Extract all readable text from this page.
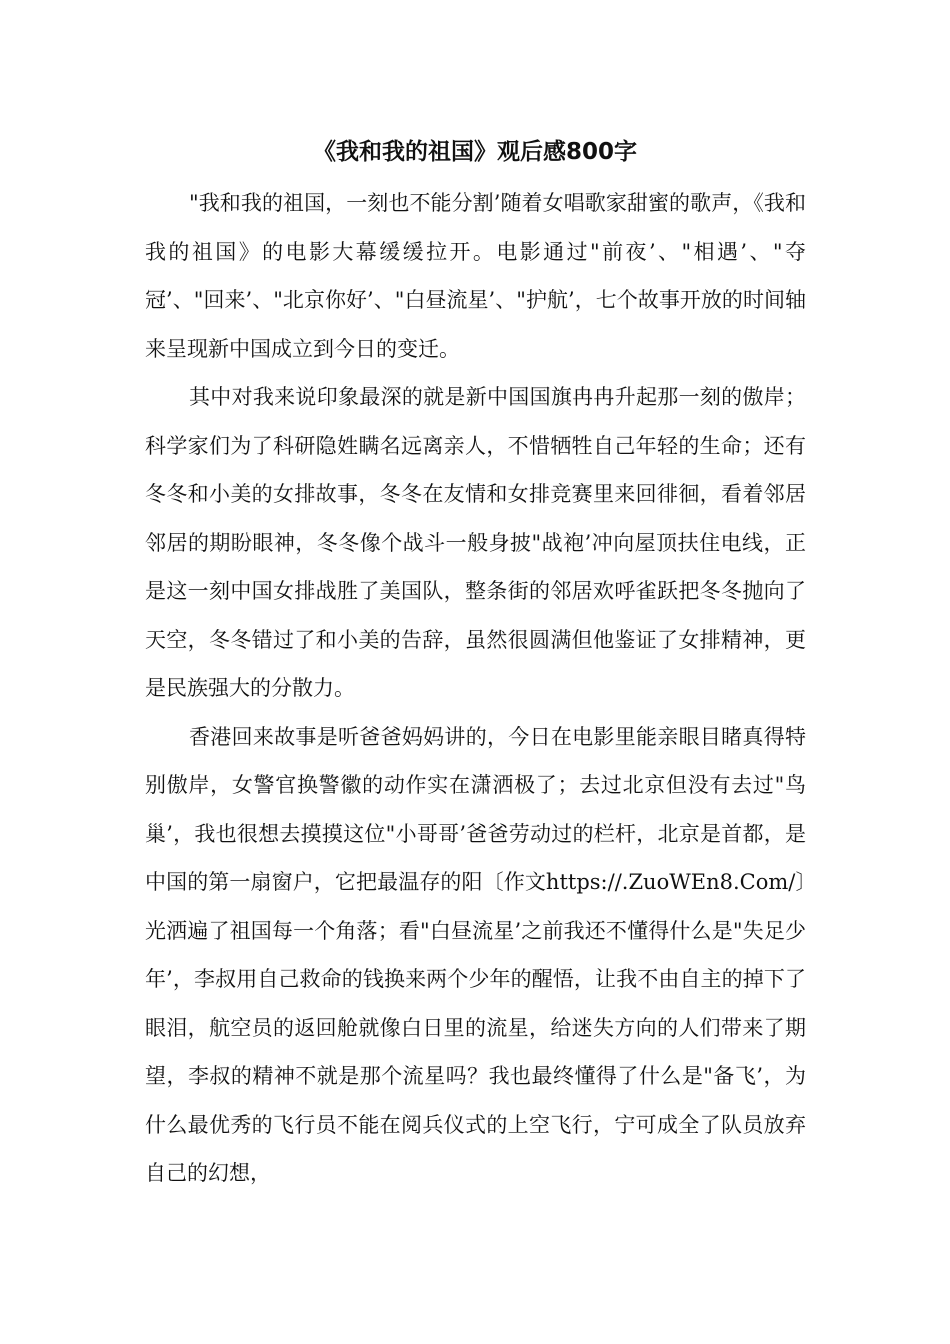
《我和我的祖国》观后感800字

"我和我的祖国，一刻也不能分割’随着女唱歌家甜蜜的歌声，《我和我的祖国》的电影大幕缓缓拉开。电影通过"前夜’、"相遇’、"夺冠’、"回来’、"北京你好’、"白昼流星’、"护航’，七个故事开放的时间轴来呈现新中国成立到今日的变迁。

其中对我来说印象最深的就是新中国国旗冉冉升起那一刻的傲岸；科学家们为了科研隐姓瞒名远离亲人，不惜牺牲自己年轻的生命；还有冬冬和小美的女排故事，冬冬在友情和女排竞赛里来回徘徊，看着邻居邻居的期盼眼神，冬冬像个战斗一般身披"战袍’冲向屋顶扶住电线，正是这一刻中国女排战胜了美国队，整条街的邻居欢呼雀跃把冬冬抛向了天空，冬冬错过了和小美的告辞，虽然很圆满但他鉴证了女排精神，更是民族强大的分散力。

香港回来故事是听爸爸妈妈讲的，今日在电影里能亲眼目睹真得特别傲岸，女警官换警徽的动作实在潇洒极了；去过北京但没有去过"鸟巢’，我也很想去摸摸这位"小哥哥’爸爸劳动过的栏杆，北京是首都，是中国的第一扇窗户，它把最温存的阳〔作文https://.ZuoWEn8.Com/〕光洒遍了祖国每一个角落；看"白昼流星’之前我还不懂得什么是"失足少年’，李叔用自己救命的钱换来两个少年的醒悟，让我不由自主的掉下了眼泪，航空员的返回舱就像白日里的流星，给迷失方向的人们带来了期望，李叔的精神不就是那个流星吗？我也最终懂得了什么是"备飞’，为什么最优秀的飞行员不能在阅兵仪式的上空飞行，宁可成全了队员放弃自己的幻想，
